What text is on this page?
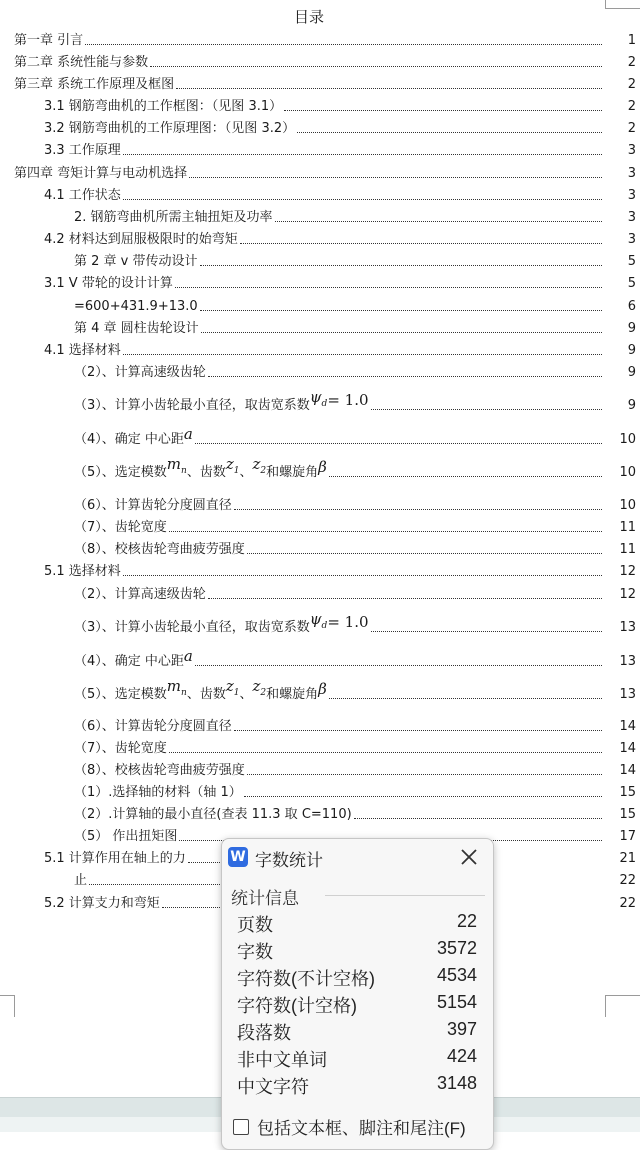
目录
第一章 引言	1
第二章 系统性能与参数	2
第三章 系统工作原理及框图	2
3.1 钢筋弯曲机的工作框图：（见图 3.1）	2
3.2 钢筋弯曲机的工作原理图：（见图 3.2）	2
3.3 工作原理	3
第四章 弯矩计算与电动机选择	3
4.1 工作状态	3
2. 钢筋弯曲机所需主轴扭矩及功率	3
4.2 材料达到屈服极限时的始弯矩	3
第 2 章 v 带传动设计	5
3.1 V 带轮的设计计算	5
=600+431.9+13.0	6
第 4 章 圆柱齿轮设计	9
4.1 选择材料	9
（2）、计算高速级齿轮	9
（3）、计算小齿轮最小直径，取齿宽系数 $\psi_d = 1.0$	9
（4）、确定 中心距 a	10
（5）、选定模数 $m_n$ 、齿数 $z_1$ 、 $z_2$ 和螺旋角 β	10
（6）、计算齿轮分度圆直径	10
（7）、齿轮宽度	11
（8）、校核齿轮弯曲疲劳强度	11
5.1 选择材料	12
（2）、计算高速级齿轮	12
（3）、计算小齿轮最小直径，取齿宽系数 $\psi_d = 1.0$	13
（4）、确定 中心距 a	13
（5）、选定模数 $m_n$ 、齿数 $z_1$ 、 $z_2$ 和螺旋角 β	13
（6）、计算齿轮分度圆直径	14
（7）、齿轮宽度	14
（8）、校核齿轮弯曲疲劳强度	14
（1）.选择轴的材料（轴 1）	15
（2）.计算轴的最小直径(查表 11.3 取 C=110)	15
（5） 作出扭矩图	17
5.1 计算作用在轴上的力	21
止	22
5.2 计算支力和弯矩	22
W 字数统计
统计信息
页数	22
字数	3572
字符数(不计空格)	4534
字符数(计空格)	5154
段落数	397
非中文单词	424
中文字符	3148
包括文本框、脚注和尾注(F)
